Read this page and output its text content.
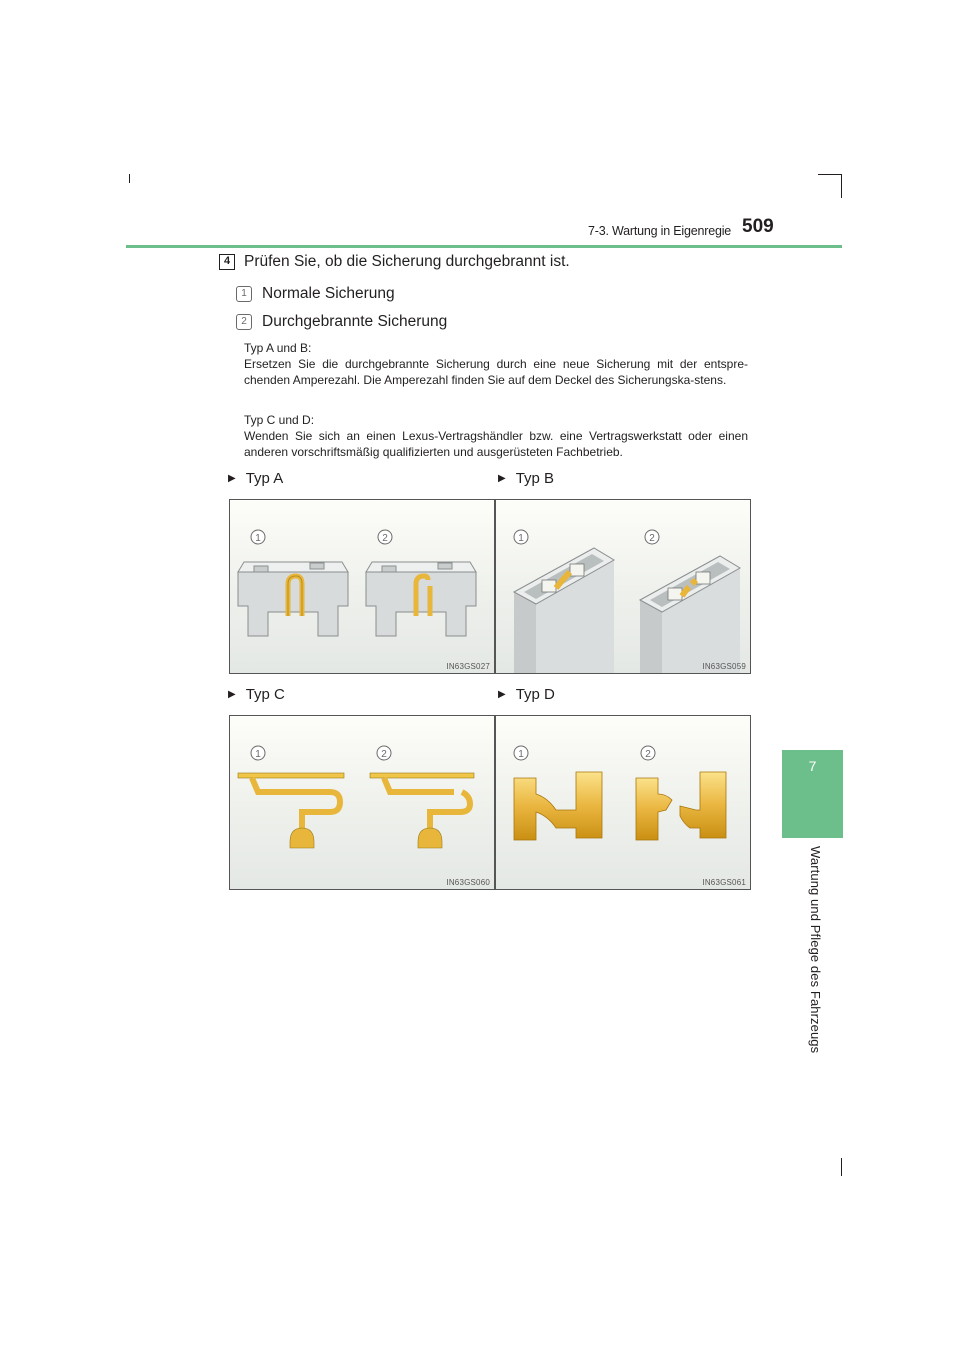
7-3. Wartung in Eigenregie 509
7
Wartung und Pflege des Fahrzeugs
4 Prüfen Sie, ob die Sicherung durchgebrannt ist.
1 Normale Sicherung
2 Durchgebrannte Sicherung
Typ A und B:
Ersetzen Sie die durchgebrannte Sicherung durch eine neue Sicherung mit der entspre-chenden Amperezahl. Die Amperezahl finden Sie auf dem Deckel des Sicherungska-stens.
Typ C und D:
Wenden Sie sich an einen Lexus-Vertragshändler bzw. eine Vertragswerkstatt oder einen anderen vorschriftsmäßig qualifizierten und ausgerüsteten Fachbetrieb.
▶ Typ A	▶ Typ B
▶ Typ C	▶ Typ D
1	2
IN63GS027
1	2
IN63GS059
1	2
IN63GS060
1	2
IN63GS061
